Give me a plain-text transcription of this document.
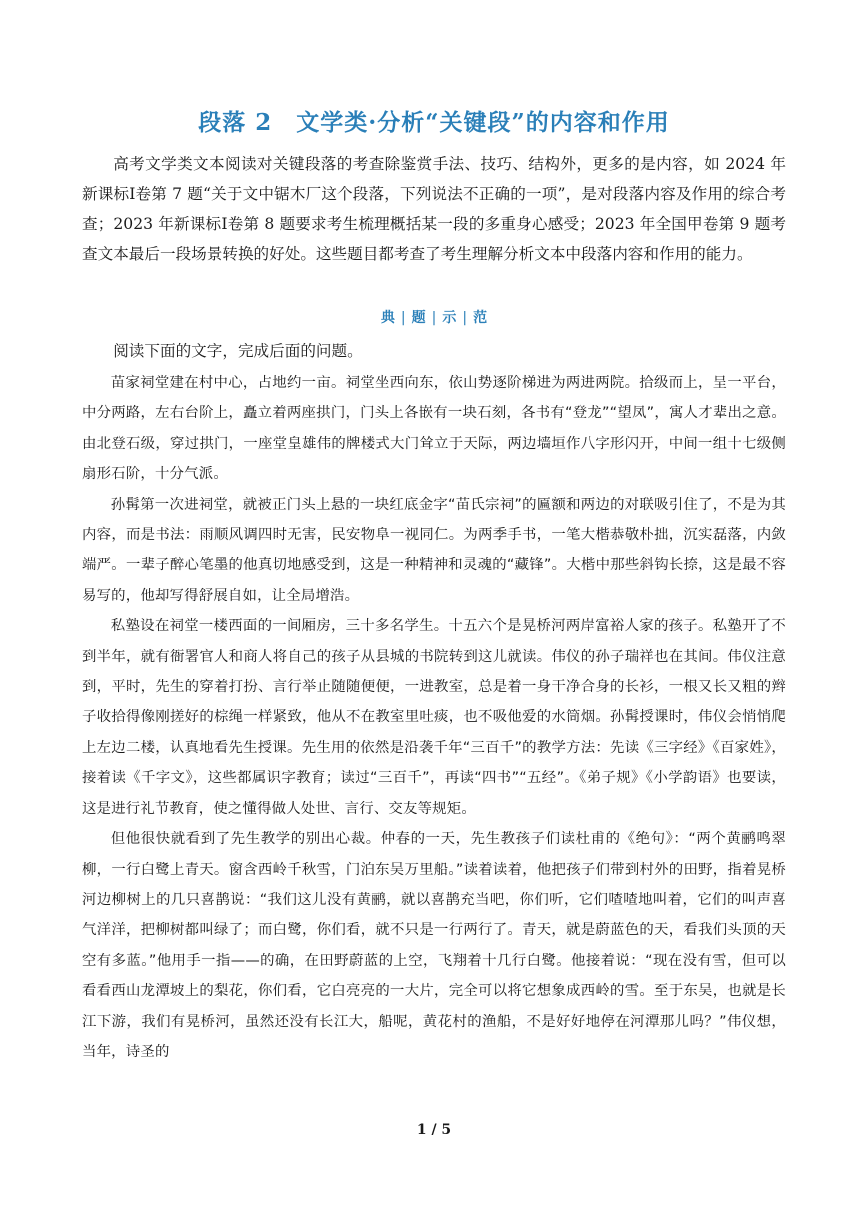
段落 2　文学类·分析“关键段”的内容和作用

高考文学类文本阅读对关键段落的考查除鉴赏手法、技巧、结构外，更多的是内容，如 2024 年新课标Ⅰ卷第 7 题“关于文中锯木厂这个段落，下列说法不正确的一项”，是对段落内容及作用的综合考查；2023 年新课标Ⅰ卷第 8 题要求考生梳理概括某一段的多重身心感受；2023 年全国甲卷第 9 题考查文本最后一段场景转换的好处。这些题目都考查了考生理解分析文本中段落内容和作用的能力。

典 | 题 | 示 | 范

阅读下面的文字，完成后面的问题。

苗家祠堂建在村中心，占地约一亩。祠堂坐西向东，依山势逐阶梯进为两进两院。拾级而上，呈一平台，中分两路，左右台阶上，矗立着两座拱门，门头上各嵌有一块石刻，各书有“登龙”“望凤”，寓人才辈出之意。由北登石级，穿过拱门，一座堂皇雄伟的牌楼式大门耸立于天际，两边墙垣作八字形闪开，中间一组十七级侧扇形石阶，十分气派。

孙髯第一次进祠堂，就被正门头上悬的一块红底金字“苗氏宗祠”的匾额和两边的对联吸引住了，不是为其内容，而是书法：雨顺风调四时无害，民安物阜一视同仁。为两季手书，一笔大楷恭敬朴拙，沉实磊落，内敛端严。一辈子醉心笔墨的他真切地感受到，这是一种精神和灵魂的“藏锋”。大楷中那些斜钩长捺，这是最不容易写的，他却写得舒展自如，让全局增浩。

私塾设在祠堂一楼西面的一间厢房，三十多名学生。十五六个是晃桥河两岸富裕人家的孩子。私塾开了不到半年，就有衙署官人和商人将自己的孩子从县城的书院转到这儿就读。伟仪的孙子瑞祥也在其间。伟仪注意到，平时，先生的穿着打扮、言行举止随随便便，一进教室，总是着一身干净合身的长衫，一根又长又粗的辫子收拾得像刚搓好的棕绳一样紧致，他从不在教室里吐痰，也不吸他爱的水筒烟。孙髯授课时，伟仪会悄悄爬上左边二楼，认真地看先生授课。先生用的依然是沿袭千年“三百千”的教学方法：先读《三字经》《百家姓》，接着读《千字文》，这些都属识字教育；读过“三百千”，再读“四书”“五经”。《弟子规》《小学韵语》也要读，这是进行礼节教育，使之懂得做人处世、言行、交友等规矩。

但他很快就看到了先生教学的别出心裁。仲春的一天，先生教孩子们读杜甫的《绝句》：“两个黄鹂鸣翠柳，一行白鹭上青天。窗含西岭千秋雪，门泊东吴万里船。”读着读着，他把孩子们带到村外的田野，指着晃桥河边柳树上的几只喜鹊说：“我们这儿没有黄鹂，就以喜鹊充当吧，你们听，它们喳喳地叫着，它们的叫声喜气洋洋，把柳树都叫绿了；而白鹭，你们看，就不只是一行两行了。青天，就是蔚蓝色的天，看我们头顶的天空有多蓝。”他用手一指——的确，在田野蔚蓝的上空，飞翔着十几行白鹭。他接着说：“现在没有雪，但可以看看西山龙潭坡上的梨花，你们看，它白亮亮的一大片，完全可以将它想象成西岭的雪。至于东吴，也就是长江下游，我们有晃桥河，虽然还没有长江大，船呢，黄花村的渔船，不是好好地停在河潭那儿吗？”伟仪想，当年，诗圣的

1 / 5
